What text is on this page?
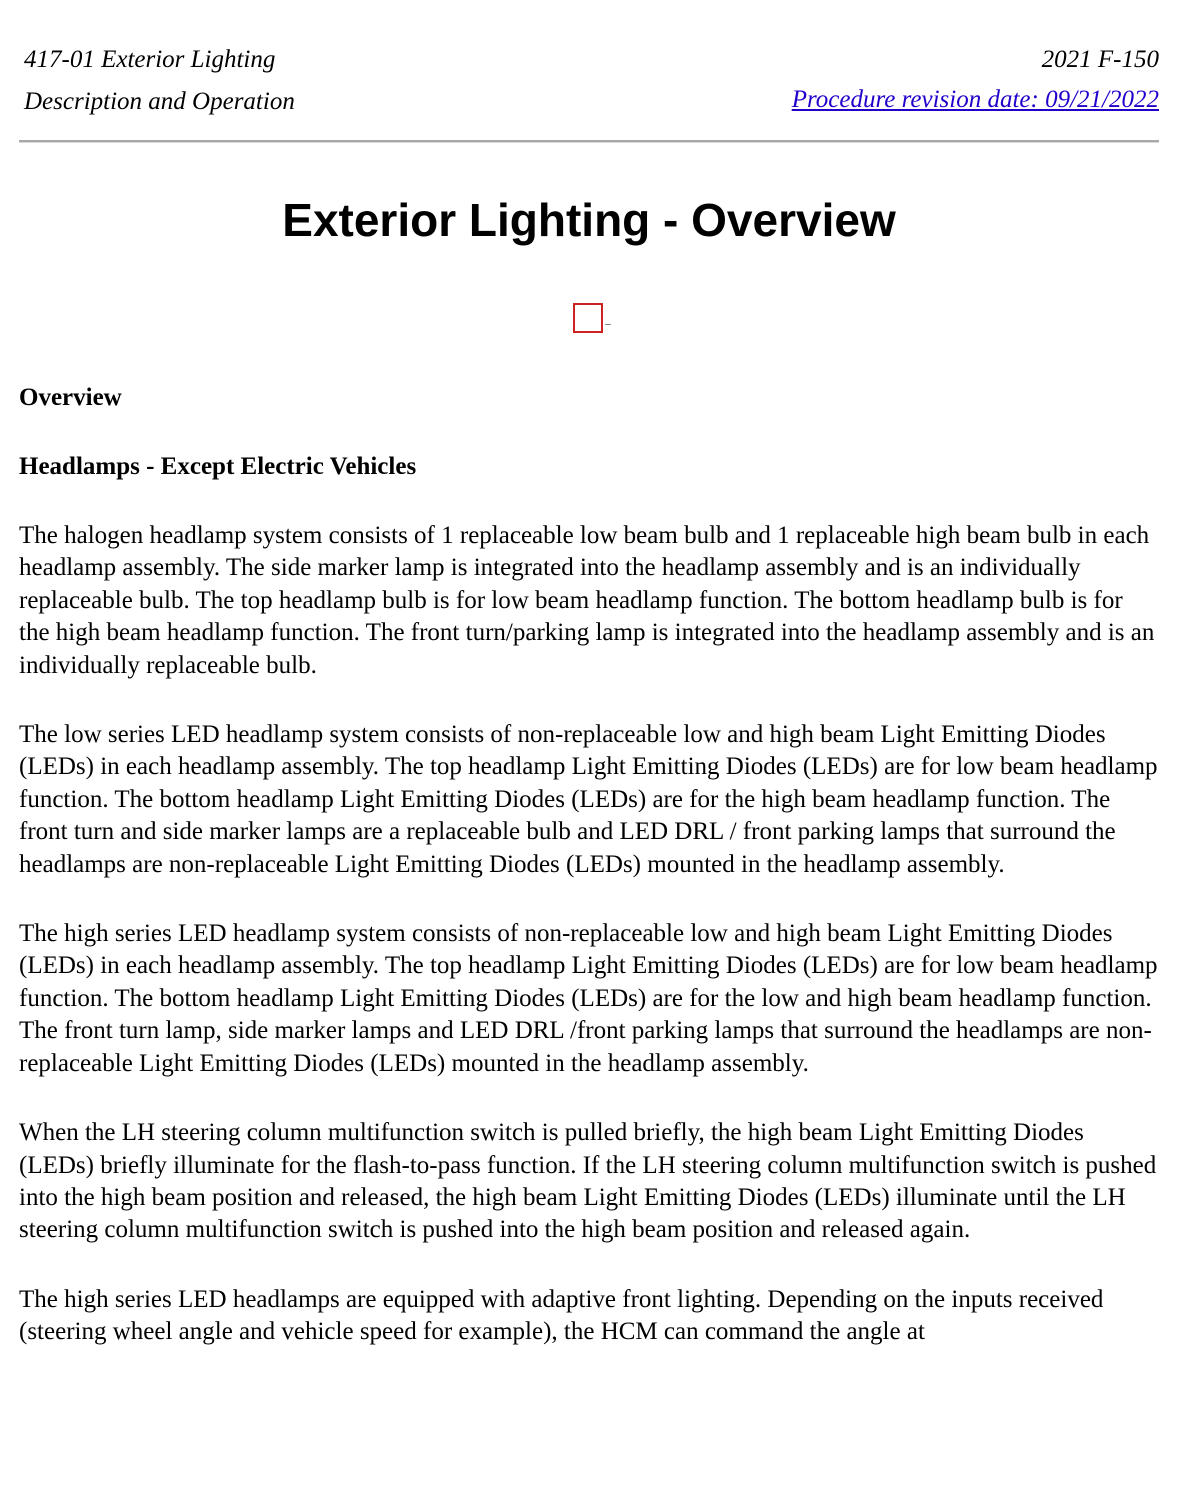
417-01 Exterior Lighting
Description and Operation
2021 F-150
Procedure revision date: 09/21/2022
Exterior Lighting - Overview
Overview
Headlamps - Except Electric Vehicles

The halogen headlamp system consists of 1 replaceable low beam bulb and 1 replaceable high beam bulb in each headlamp assembly. The side marker lamp is integrated into the headlamp assembly and is an individually replaceable bulb. The top headlamp bulb is for low beam headlamp function. The bottom headlamp bulb is for the high beam headlamp function. The front turn/parking lamp is integrated into the headlamp assembly and is an individually replaceable bulb.

The low series LED headlamp system consists of non-replaceable low and high beam Light Emitting Diodes (LEDs) in each headlamp assembly. The top headlamp Light Emitting Diodes (LEDs) are for low beam headlamp function. The bottom headlamp Light Emitting Diodes (LEDs) are for the high beam headlamp function. The front turn and side marker lamps are a replaceable bulb and LED DRL / front parking lamps that surround the headlamps are non-replaceable Light Emitting Diodes (LEDs) mounted in the headlamp assembly.

The high series LED headlamp system consists of non-replaceable low and high beam Light Emitting Diodes (LEDs) in each headlamp assembly. The top headlamp Light Emitting Diodes (LEDs) are for low beam headlamp function. The bottom headlamp Light Emitting Diodes (LEDs) are for the low and high beam headlamp function. The front turn lamp, side marker lamps and LED DRL /front parking lamps that surround the headlamps are non-replaceable Light Emitting Diodes (LEDs) mounted in the headlamp assembly.

When the LH steering column multifunction switch is pulled briefly, the high beam Light Emitting Diodes (LEDs) briefly illuminate for the flash-to-pass function. If the LH steering column multifunction switch is pushed into the high beam position and released, the high beam Light Emitting Diodes (LEDs) illuminate until the LH steering column multifunction switch is pushed into the high beam position and released again.

The high series LED headlamps are equipped with adaptive front lighting. Depending on the inputs received (steering wheel angle and vehicle speed for example), the HCM can command the angle at
